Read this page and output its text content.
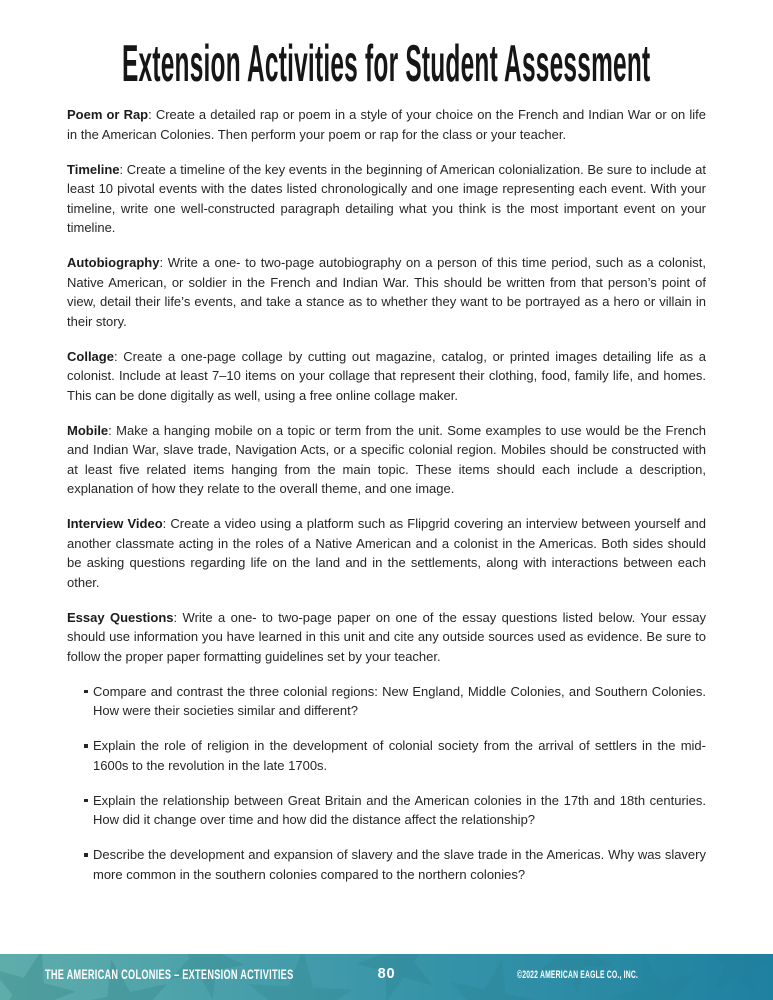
Extension Activities for Student Assessment

Poem or Rap: Create a detailed rap or poem in a style of your choice on the French and Indian War or on life in the American Colonies. Then perform your poem or rap for the class or your teacher.

Timeline: Create a timeline of the key events in the beginning of American colonialization. Be sure to include at least 10 pivotal events with the dates listed chronologically and one image representing each event. With your timeline, write one well-constructed paragraph detailing what you think is the most important event on your timeline.

Autobiography: Write a one- to two-page autobiography on a person of this time period, such as a colonist, Native American, or soldier in the French and Indian War. This should be written from that person’s point of view, detail their life’s events, and take a stance as to whether they want to be portrayed as a hero or villain in their story.

Collage: Create a one-page collage by cutting out magazine, catalog, or printed images detailing life as a colonist. Include at least 7–10 items on your collage that represent their clothing, food, family life, and homes. This can be done digitally as well, using a free online collage maker.

Mobile: Make a hanging mobile on a topic or term from the unit. Some examples to use would be the French and Indian War, slave trade, Navigation Acts, or a specific colonial region. Mobiles should be constructed with at least five related items hanging from the main topic. These items should each include a description, explanation of how they relate to the overall theme, and one image.

Interview Video: Create a video using a platform such as Flipgrid covering an interview between yourself and another classmate acting in the roles of a Native American and a colonist in the Americas. Both sides should be asking questions regarding life on the land and in the settlements, along with interactions between each other.

Essay Questions: Write a one- to two-page paper on one of the essay questions listed below. Your essay should use information you have learned in this unit and cite any outside sources used as evidence. Be sure to follow the proper paper formatting guidelines set by your teacher.

Compare and contrast the three colonial regions: New England, Middle Colonies, and Southern Colonies. How were their societies similar and different?
Explain the role of religion in the development of colonial society from the arrival of settlers in the mid-1600s to the revolution in the late 1700s.
Explain the relationship between Great Britain and the American colonies in the 17th and 18th centuries. How did it change over time and how did the distance affect the relationship?
Describe the development and expansion of slavery and the slave trade in the Americas. Why was slavery more common in the southern colonies compared to the northern colonies?
THE AMERICAN COLONIES – EXTENSION ACTIVITIES	80	©2022 AMERICAN EAGLE CO., INC.
